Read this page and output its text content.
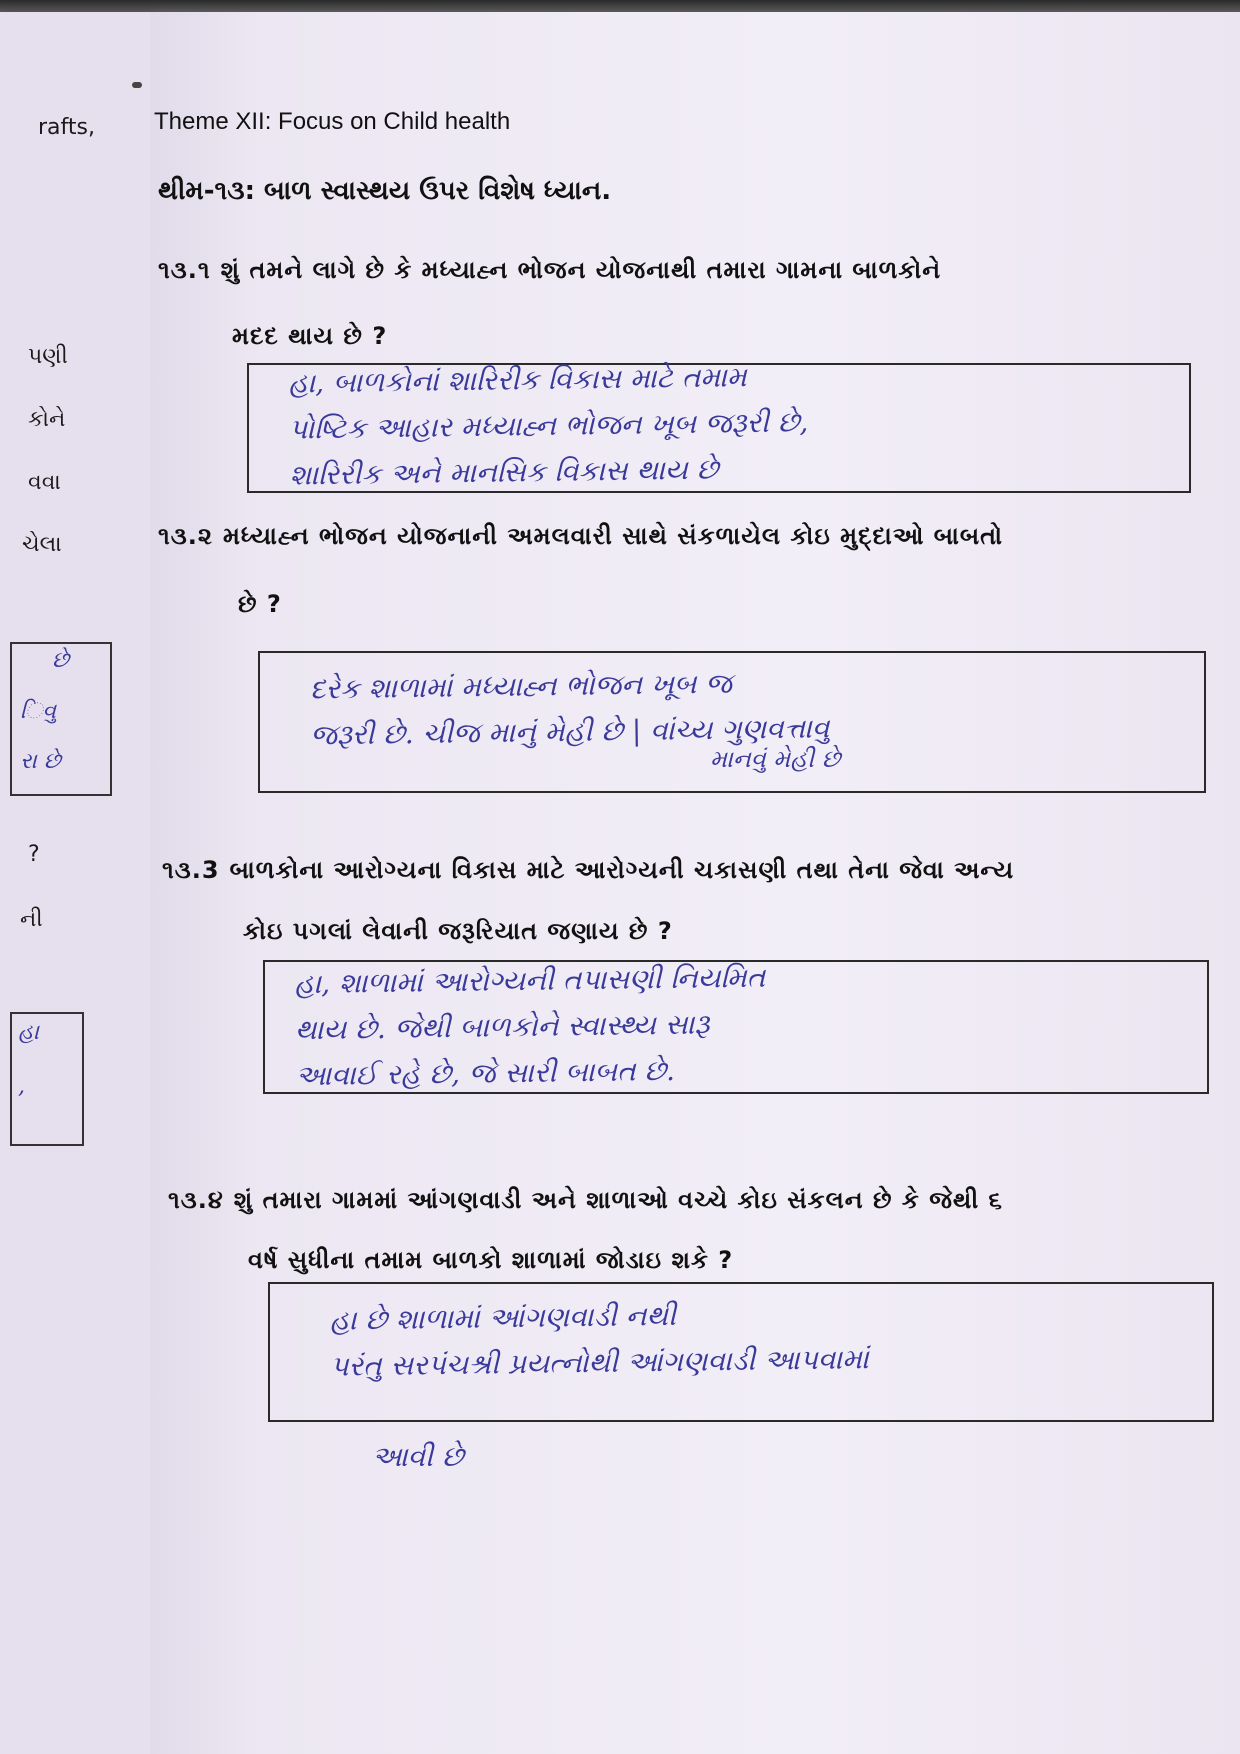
rafts,
પણી
કોને
વવા
ચેલા
છે
િવુ
રા છે
?
ની
હા
,
Theme XII: Focus on Child health
થીમ-૧૩: બાળ સ્વાસ્થય ઉપર વિશેષ ધ્યાન.
૧૩.૧ શું તમને લાગે છે કે મધ્યાહ્‍ન ભોજન યોજનાથી તમારા ગામના બાળકોને
મદદ થાય છે ?
હા, બાળકોનાં શારિરીક વિકાસ માટે તમામ
પોષ્ટિક આહાર મધ્યાહ્‍ન ભોજન ખૂબ જરૂરી છે,
શારિરીક અને માનસિક વિકાસ થાય છે
૧૩.૨ મધ્યાહ્‍ન ભોજન યોજનાની અમલવારી સાથે સંકળાયેલ કોઇ મુદ્દાઓ બાબતો
છે ?
દરેક શાળામાં મધ્યાહ્‍ન ભોજન ખૂબ જ
જરૂરી છે. ચીજ માનું મેહી છે | વાંચ્ય ગુણવત્તાવુ
માનવું મેહી છે
૧૩.3 બાળકોના આરોગ્યના વિકાસ માટે આરોગ્યની ચકાસણી તથા તેના જેવા અન્ય
કોઇ પગલાં લેવાની જરૂરિયાત જણાય છે ?
હા, શાળામાં આરોગ્યની તપાસણી નિયમિત
થાય છે. જેથી બાળકોને સ્વાસ્થ્ય સારૂ
આવાઈ રહે છે, જે સારી બાબત છે.
૧૩.૪ શું તમારા ગામમાં આંગણવાડી અને શાળાઓ વચ્ચે કોઇ સંકલન છે કે જેથી ૬
વર્ષ સુધીના તમામ બાળકો શાળામાં જોડાઇ શકે ?
હા છે શાળામાં આંગણવાડી નથી
પરંતુ સરપંચશ્રી પ્રયત્નોથી આંગણવાડી આપવામાં
આવી છે
